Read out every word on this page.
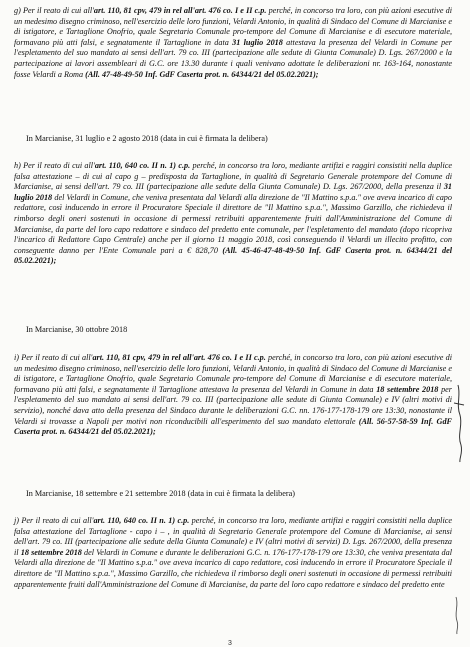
g) Per il reato di cui all'art. 110, 81 cpv, 479 in rel all'art. 476 co. I e II c.p. perché, in concorso tra loro, con più azioni esecutive di un medesimo disegno criminoso, nell'esercizio delle loro funzioni, Velardi Antonio, in qualità di Sindaco del Comune di Marcianise e di istigatore, e Tartaglione Onofrio, quale Segretario Comunale pro-tempore del Comune di Marcianise e di esecutore materiale, formavano più atti falsi, e segnatamente il Tartaglione in data 31 luglio 2018 attestava la presenza del Velardi in Comune per l'espletamento del suo mandato ai sensi dell'art. 79 co. III (partecipazione alle sedute di Giunta Comunale) D. Lgs. 267/2000 e la partecipazione ai lavori assembleari di G.C. ore 13.30 durante i quali venivano adottate le deliberazioni nr. 163-164, nonostante fosse Velardi a Roma (All. 47-48-49-50 Inf. GdF Caserta prot. n. 64344/21 del 05.02.2021);
In Marcianise, 31 luglio e 2 agosto 2018 (data in cui è firmata la delibera)
h) Per il reato di cui all'art. 110, 640 co. II n. 1) c.p. perché, in concorso tra loro, mediante artifizi e raggiri consistiti nella duplice falsa attestazione – di cui al capo g – predisposta da Tartaglione, in qualità di Segretario Generale protempore del Comune di Marcianise, ai sensi dell'art. 79 co. III (partecipazione alle sedute della Giunta Comunale) D. Lgs. 267/2000, della presenza il 31 luglio 2018 del Velardi in Comune, che veniva presentata dal Velardi alla direzione de "Il Mattino s.p.a." ove aveva incarico di capo redattore, così inducendo in errore il Procuratore Speciale il direttore de "Il Mattino s.p.a.", Massimo Garzillo, che richiedeva il rimborso degli oneri sostenuti in occasione di permessi retribuiti apparentemente fruiti dall'Amministrazione del Comune di Marcianise, da parte del loro capo redattore e sindaco del predetto ente comunale, per l'espletamento del mandato (dopo ricopriva l'incarico di Redattore Capo Centrale) anche per il giorno 11 maggio 2018, così conseguendo il Velardi un illecito profitto, con conseguente danno per l'Ente Comunale pari a € 828,70 (All. 45-46-47-48-49-50 Inf. GdF Caserta prot. n. 64344/21 del 05.02.2021);
In Marcianise, 30 ottobre 2018
i) Per il reato di cui all'art. 110, 81 cpv, 479 in rel all'art. 476 co. I e II c.p. perché, in concorso tra loro, con più azioni esecutive di un medesimo disegno criminoso, nell'esercizio delle loro funzioni, Velardi Antonio, in qualità di Sindaco del Comune di Marcianise e di istigatore, e Tartaglione Onofrio, quale Segretario Comunale pro-tempore del Comune di Marcianise e di esecutore materiale, formavano più atti falsi, e segnatamente il Tartaglione attestava la presenza del Velardi in Comune in data 18 settembre 2018 per l'espletamento del suo mandato ai sensi dell'art. 79 co. III (partecipazione alle sedute di Giunta Comunale) e IV (altri motivi di servizio), nonché dava atto della presenza del Sindaco durante le deliberazioni G.C. nn. 176-177-178-179 ore 13:30, nonostante il Velardi si trovasse a Napoli per motivi non riconducibili all'esperimento del suo mandato elettorale (All. 56-57-58-59 Inf. GdF Caserta prot. n. 64344/21 del 05.02.2021);
In Marcianise, 18 settembre e 21 settembre 2018 (data in cui è firmata la delibera)
j) Per il reato di cui all'art. 110, 640 co. II n. 1) c.p. perché, in concorso tra loro, mediante artifizi e raggiri consistiti nella duplice falsa attestazione del Tartaglione - capo i – , in qualità di Segretario Generale protempore del Comune di Marcianise, ai sensi dell'art. 79 co. III (partecipazione alle sedute della Giunta Comunale) e IV (altri motivi di servizi) D. Lgs. 267/2000, della presenza il 18 settembre 2018 del Velardi in Comune e durante le deliberazioni G.C. n. 176-177-178-179 ore 13:30, che veniva presentata dal Velardi alla direzione de "Il Mattino s.p.a." ove aveva incarico di capo redattore, così inducendo in errore il Procuratore Speciale il direttore de "Il Mattino s.p.a.", Massimo Garzillo, che richiedeva il rimborso degli oneri sostenuti in occasione di permessi retribuiti apparentemente fruiti dall'Amministrazione del Comune di Marcianise, da parte del loro capo redattore e sindaco del predetto ente
3
